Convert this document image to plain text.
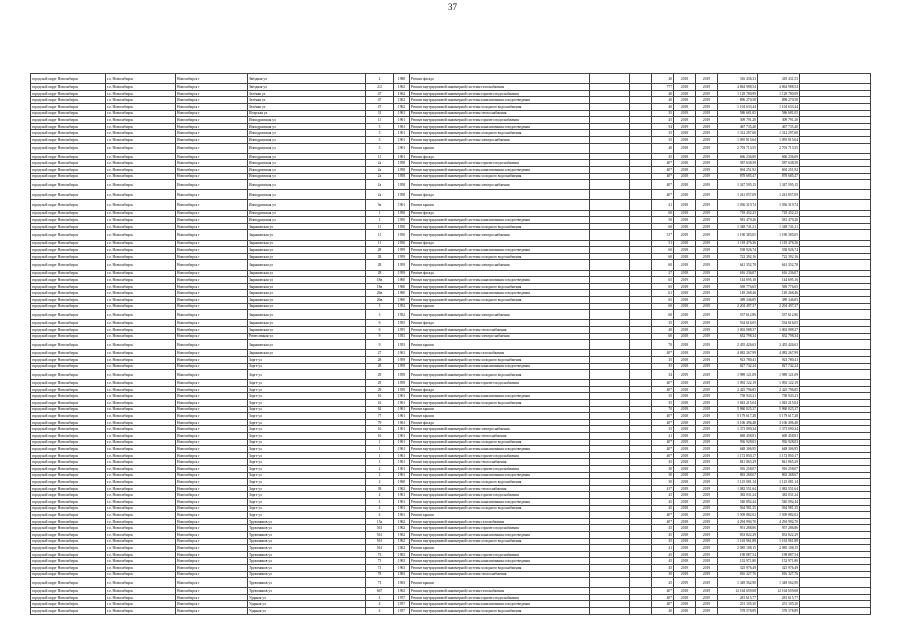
37
городской округ Новосибирск	г.о. Новосибирск	Новосибирск г	Звёздная ул	2	1988	Ремонт фасада			40	2018	2019	316 436,33	418 431,53	
городской округ Новосибирск	г.о. Новосибирск	Новосибирск г	Звёздная ул	2/2	1962	Ремонт внутридомовой инженерной системы газоснабжения			777	2018	2019	4 864 988,54	4 864 988,54	
городской округ Новосибирск	г.о. Новосибирск	Новосибирск г	Зелёная ул	47	1962	Ремонт внутридомовой инженерной системы горячего водоснабжения			40	2018	2019	1 129 780,99	1 129 780,99	
городской округ Новосибирск	г.о. Новосибирск	Новосибирск г	Зелёная ул	47	1962	Ремонт внутридомовой инженерной системы канализования и водоотведения			40	2018	2019	896 270,58	898 270,58	
городской округ Новосибирск	г.о. Новосибирск	Новосибирск г	Зелёная ул	47	1962	Ремонт внутридомовой инженерной системы холодного водоснабжения			40	2018	2019	1 104 633,44	1 104 633,44	
городской округ Новосибирск	г.о. Новосибирск	Новосибирск г	Игарская ул	31	1961	Ремонт внутридомовой инженерной системы теплоснабжения			35	2019	2019	586 681,05	586 681,05	
городской округ Новосибирск	г.о. Новосибирск	Новосибирск г	Ипподромская ул	11	1961	Ремонт внутридомовой инженерной системы горячего водоснабжения			45	2018	2019	309 791,20	309 791,20	
городской округ Новосибирск	г.о. Новосибирск	Новосибирск г	Ипподромская ул	5	1961	Ремонт внутридомовой инженерной системы канализования и водоотведения			54	2019	2019	467 735,40	467 735,40	
городской округ Новосибирск	г.о. Новосибирск	Новосибирск г	Ипподромская ул	5	1961	Ремонт внутридомовой инженерной системы холодного водоснабжения			35	2018	2019	1 312 297,60	1 312 297,60	
городской округ Новосибирск	г.о. Новосибирск	Новосибирск г	Ипподромская ул	5	1961	Ремонт внутридомовой инженерной системы электроснабжения			35	2018	2019	1 095 815,64	1 095 815,64	
городской округ Новосибирск	г.о. Новосибирск	Новосибирск г	Ипподромская ул	5	1961	Ремонт крыши			40	2018	2019	2 703 713,55	2 703 713,55	
городской округ Новосибирск	г.о. Новосибирск	Новосибирск г	Ипподромская ул	11	1961	Ремонт фасада			45	2018	2019	666 236,00	666 236,00	
городской округ Новосибирск	г.о. Новосибирск	Новосибирск г	Ипподромская ул	2а	1958	Ремонт внутридомовой инженерной системы горячего водоснабжения			40*	2018	2019	587 638,58	587 638,58	
городской округ Новосибирск	г.о. Новосибирск	Новосибирск г	Ипподромская ул	2а	1958	Ремонт внутридомовой инженерной системы канализования и водоотведения			40*	2018	2019	694 251,92	694 251,92	
городской округ Новосибирск	г.о. Новосибирск	Новосибирск г	Ипподромская ул	2а	1958	Ремонт внутридомовой инженерной системы холодного водоснабжения			40*	2018	2019	878 685,47	878 685,47	
городской округ Новосибирск	г.о. Новосибирск	Новосибирск г	Ипподромская ул	2а	1958	Ремонт внутридомовой инженерной системы электроснабжения			40*	2018	2019	1 347 595,15	1 347 595,15	
городской округ Новосибирск	г.о. Новосибирск	Новосибирск г	Ипподромская ул	2а	1958	Ремонт фасада			40*	2018	2019	1 241 057,09	1 241 057,09	
городской округ Новосибирск	г.о. Новосибирск	Новосибирск г	Ипподромская ул	9а	1961	Ремонт крыши			41	2018	2019	1 036 319,74	1 036 319,74	
городской округ Новосибирск	г.о. Новосибирск	Новосибирск г	Ипподромская ул	1	1950	Ремонт фасада			60	2018	2019	718 452,23	718 452,23	
городской округ Новосибирск	г.о. Новосибирск	Новосибирск г	Ипподромская ул	1	1950	Ремонт внутридомовой инженерной системы канализования и водоотведения			50	2018	2019	581 479,26	581 479,26	
городской округ Новосибирск	г.о. Новосибирск	Новосибирск г	Зыряновская ул	11	1950	Ремонт внутридомовой инженерной системы холодного водоснабжения			60	2018	2019	1 348 741,21	1 348 741,21	
городской округ Новосибирск	г.о. Новосибирск	Новосибирск г	Зыряновская ул	11	1950	Ремонт внутридомовой инженерной системы электроснабжения			51*	2019	2019	1 190 385,05	1 190 385,05	
городской округ Новосибирск	г.о. Новосибирск	Новосибирск г	Зыряновская ул	11	1950	Ремонт фасада			51	2018	2019	1 118 476,36	1 118 476,36	
городской округ Новосибирск	г.о. Новосибирск	Новосибирск г	Зыряновская ул	28	1959	Ремонт внутридомовой инженерной системы канализования и водоотведения			60	2018	2019	538 926,74	538 926,74	
городской округ Новосибирск	г.о. Новосибирск	Новосибирск г	Зыряновская ул	28	1959	Ремонт внутридомовой инженерной системы холодного водоснабжения			60	2018	2019	722 392,16	722 392,16	
городской округ Новосибирск	г.о. Новосибирск	Новосибирск г	Зыряновская ул	28	1959	Ремонт внутридомовой инженерной системы электроснабжения			60	2018	2019	641 352,78	641 352,78	
городской округ Новосибирск	г.о. Новосибирск	Новосибирск г	Зыряновская ул	28	1959	Ремонт фасада			27	2018	2019	616 236,07	616 236,07	
городской округ Новосибирск	г.о. Новосибирск	Новосибирск г	Зыряновская ул	18в	1960	Ремонт внутридомовой инженерной системы канализования и водоотведения			65	2019	2019	144 695,16	144 695,16	
городской округ Новосибирск	г.о. Новосибирск	Новосибирск г	Зыряновская ул	18в	1960	Ремонт внутридомовой инженерной системы холодного водоснабжения			65	2018	2019	569 776,65	569 776,65	
городской округ Новосибирск	г.о. Новосибирск	Новосибирск г	Зыряновская ул	26в	1960	Ремонт внутридомовой инженерной системы канализования и водоотведения			61	2018	2019	149 268,46	149 268,46	
городской округ Новосибирск	г.о. Новосибирск	Новосибирск г	Зыряновская ул	26в	1960	Ремонт внутридомовой инженерной системы холодного водоснабжения			65	2018	2019	389 346,85	389 346,85	
городской округ Новосибирск	г.о. Новосибирск	Новосибирск г	Зыряновская ул	3	1952	Ремонт крыши			60	2018	2019	2 204 497,37	2 204 497,37	
городской округ Новосибирск	г.о. Новосибирск	Новосибирск г	Зыряновская ул	3	1952	Ремонт внутридомовой инженерной системы электроснабжения			60	2018	2019	537 612,86	537 612,86	
городской округ Новосибирск	г.о. Новосибирск	Новосибирск г	Зыряновская ул	6	1955	Ремонт фасада			35	2019	2019	534 616,05	534 616,05	
городской округ Новосибирск	г.о. Новосибирск	Новосибирск г	Зыряновская ул	6	1955	Ремонт внутридомовой инженерной системы теплоснабжения			40	2018	2019	1 002 088,37	1 002 088,37	
городской округ Новосибирск	г.о. Новосибирск	Новосибирск г	Ремесленная ул	9	1953	Ремонт внутридомовой инженерной системы электроснабжения			60	2018	2019	652 798,34	652 798,34	
городской округ Новосибирск	г.о. Новосибирск	Новосибирск г	Зыряновская ул	9	1953	Ремонт крыши			70	2018	2019	2 455 426,63	2 455 426,63	
городской округ Новосибирск	г.о. Новосибирск	Новосибирск г	Зыряновская ул	27	1961	Ремонт внутридомовой инженерной системы газоснабжения			40*	2018	2019	4 082 267,99	4 082 267,99	
городской округ Новосибирск	г.о. Новосибирск	Новосибирск г	Зорге ул	28	1959	Ремонт внутридомовой инженерной системы холодного водоснабжения			35	2018	2019	923 780,41	923 780,41	
городской округ Новосибирск	г.о. Новосибирск	Новосибирск г	Зорге ул	28	1959	Ремонт внутридомовой инженерной системы канализования и водоотведения			35	2018	2019	827 742,24	827 742,24	
городской округ Новосибирск	г.о. Новосибирск	Новосибирск г	Зорге ул	29	1959	Ремонт внутридомовой инженерной системы холодного водоснабжения			34	2019	2019	1 989 121,09	1 989 121,09	
городской округ Новосибирск	г.о. Новосибирск	Новосибирск г	Зорге ул	29	1959	Ремонт внутридомовой инженерной системы горячего водоснабжения			40*	2018	2019	1 092 122,19	1 092 122,19	
городской округ Новосибирск	г.о. Новосибирск	Новосибирск г	Зорге ул	29	1959	Ремонт фасада			40*	2018	2019	2 425 796,85	2 425 796,85	
городской округ Новосибирск	г.о. Новосибирск	Новосибирск г	Зорге ул	16	1961	Ремонт внутридомовой инженерной системы канализования и водоотведения			35	2018	2019	758 943,21	758 943,21	
городской округ Новосибирск	г.о. Новосибирск	Новосибирск г	Зорге ул	16	1961	Ремонт внутридомовой инженерной системы холодного водоснабжения			35	2018	2019	1 043 215,04	1 043 215,04	
городской округ Новосибирск	г.о. Новосибирск	Новосибирск г	Зорге ул	62	1961	Ремонт крыши			70	2018	2019	5 960 025,37	5 960 025,37	
городской округ Новосибирск	г.о. Новосибирск	Новосибирск г	Зорге ул	77	1961	Ремонт крыши			40*	2018	2019	5 179 617,28	5 179 617,28	
городской округ Новосибирск	г.о. Новосибирск	Новосибирск г	Зорге ул	79	1961	Ремонт фасада			40*	2018	2019	3 106 496,48	3 106 496,48	
городской округ Новосибирск	г.о. Новосибирск	Новосибирск г	Зорге ул	16	1961	Ремонт внутридомовой инженерной системы электроснабжения			35	2018	2019	1 373 090,34	1 373 090,34	
городской округ Новосибирск	г.о. Новосибирск	Новосибирск г	Зорге ул	16	1961	Ремонт внутридомовой инженерной системы теплоснабжения			41	2018	2019	669 458,81	669 458,81	
городской округ Новосибирск	г.о. Новосибирск	Новосибирск г	Зорге ул	1	1961	Ремонт внутридомовой инженерной системы холодного водоснабжения			40*	2019	2019	936 928,03	936 928,03	
городской округ Новосибирск	г.о. Новосибирск	Новосибирск г	Зорге ул	1	1961	Ремонт внутридомовой инженерной системы канализования и водоотведения			40*	2018	2019	648 306,95	648 306,95	
городской округ Новосибирск	г.о. Новосибирск	Новосибирск г	Зорге ул	1	1961	Ремонт внутридомовой инженерной системы горячего водоснабжения			40*	2018	2019	1 172 850,17	1 172 850,17	
городской округ Новосибирск	г.о. Новосибирск	Новосибирск г	Зорге ул	1	1961	Ремонт внутридомовой инженерной системы теплоснабжения			45	2018	2019	841 865,29	841 865,29	
городской округ Новосибирск	г.о. Новосибирск	Новосибирск г	Зорге ул	2	1961	Ремонт внутридомовой инженерной системы горячего водоснабжения			30	2018	2019	916 258,07	916 258,07	
городской округ Новосибирск	г.о. Новосибирск	Новосибирск г	Зорге ул	2	1961	Ремонт внутридомовой инженерной системы канализования и водоотведения			30	2018	2019	863 268,67	863 268,67	
городской округ Новосибирск	г.о. Новосибирск	Новосибирск г	Зорге ул	2	1960	Ремонт внутридомовой инженерной системы холодного водоснабжения			30	2018	2019	1 125 081,14	1 125 081,14	
городской округ Новосибирск	г.о. Новосибирск	Новосибирск г	Зорге ул	39	1962	Ремонт внутридомовой инженерной системы теплоснабжения			41*	2019	2019	1 082 551,64	1 082 551,64	
городской округ Новосибирск	г.о. Новосибирск	Новосибирск г	Зорге ул	4	1961	Ремонт внутридомовой инженерной системы горячего водоснабжения			45	2018	2019	382 031,24	382 031,24	
городской округ Новосибирск	г.о. Новосибирск	Новосибирск г	Зорге ул	4	1961	Ремонт внутридомовой инженерной системы канализования и водоотведения			45	2018	2019	540 092,44	540 092,44	
городской округ Новосибирск	г.о. Новосибирск	Новосибирск г	Зорге ул	4	1961	Ремонт внутридомовой инженерной системы холодного водоснабжения			45	2018	2019	564 981,35	564 981,35	
городской округ Новосибирск	г.о. Новосибирск	Новосибирск г	Зорге ул	4	1961	Ремонт крыши			40*	2018	2019	1 509 882,02	1 509 882,02	
городской округ Новосибирск	г.о. Новосибирск	Новосибирск г	Тружеников ул	15а	1962	Ремонт внутридомовой инженерной системы газоснабжения			40*	2018	2019	4 294 994,70	4 294 994,70	
городской округ Новосибирск	г.о. Новосибирск	Новосибирск г	Тружеников ул	561	1962	Ремонт внутридомовой инженерной системы горячего водоснабжения			45	2018	2019	951 288,86	957 286,86	
городской округ Новосибирск	г.о. Новосибирск	Новосибирск г	Тружеников ул	561	1962	Ремонт внутридомовой инженерной системы канализования и водоотведения			45	2018	2019	833 822,29	833 822,29	
городской округ Новосибирск	г.о. Новосибирск	Новосибирск г	Тружеников ул	561	1962	Ремонт внутридомовой инженерной системы холодного водоснабжения			45	2018	2019	1 163 961,88	1 163 961,88	
городской округ Новосибирск	г.о. Новосибирск	Новосибирск г	Тружеников ул	561	1962	Ремонт крыши			41	2018	2019	2 085 108,15	2 085 108,15	
городской округ Новосибирск	г.о. Новосибирск	Новосибирск г	Тружеников ул	73	1963	Ремонт внутридомовой инженерной системы горячего водоснабжения			45	2018	2019	198 887,54	198 887,54	
городской округ Новосибирск	г.о. Новосибирск	Новосибирск г	Тружеников ул	73	1963	Ремонт внутридомовой инженерной системы канализования и водоотведения			45	2018	2019	152 971,80	152 971,80	
городской округ Новосибирск	г.о. Новосибирск	Новосибирск г	Тружеников ул	73	1963	Ремонт внутридомовой инженерной системы холодного водоснабжения			45	2019	2019	325 976,49	325 976,49	
городской округ Новосибирск	г.о. Новосибирск	Новосибирск г	Тружеников ул	78	1963	Ремонт внутридомовой инженерной системы теплоснабжения			30	2018	2019	816 327,76	816 327,76	
городской округ Новосибирск	г.о. Новосибирск	Новосибирск г	Тружеников ул	73	1963	Ремонт крыши			45	2019	2019	1 349 562,90	1 349 562,90	
городской округ Новосибирск	г.о. Новосибирск	Новосибирск г	Тружеников ул	667	1962	Ремонт внутридомовой инженерной системы газоснабжения			40*	2018	2019	12 164 659,68	12 164 659,68	
городской округ Новосибирск	г.о. Новосибирск	Новосибирск г	Ударная ул	4	1957	Ремонт внутридомовой инженерной системы горячего водоснабжения			40*	2018	2019	281 615,77	281 615,77	
городской округ Новосибирск	г.о. Новосибирск	Новосибирск г	Ударная ул	4	1957	Ремонт внутридомовой инженерной системы канализования и водоотведения			40*	2018	2019	251 105,30	251 105,30	
городской округ Новосибирск	г.о. Новосибирск	Новосибирск г	Ударная ул	4	1957	Ремонт внутридомовой инженерной системы холодного водоснабжения			40	2018	2019	578 578,89	578 578,89	
